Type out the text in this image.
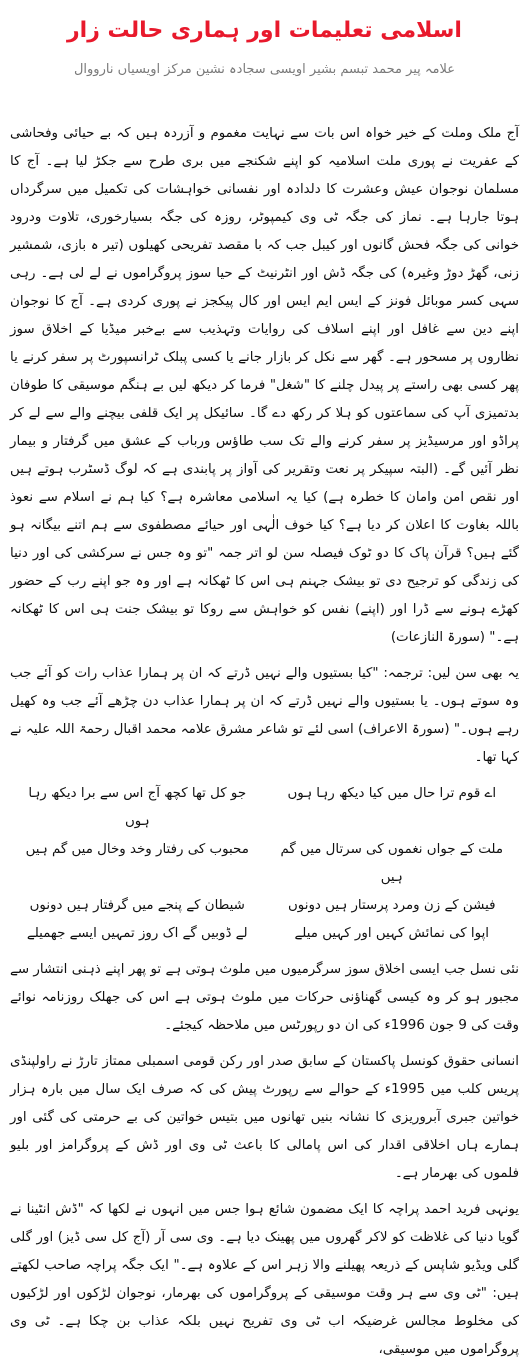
اسلامی تعلیمات اور ہماری حالت زار

علامہ پیر محمد تبسم بشیر اویسی سجادہ نشین مرکز اویسیاں نارووال

آج ملک وملت کے خیر خواہ اس بات سے نہایت مغموم و آزردہ ہیں کہ بے حیائی وفحاشی کے عفریت نے پوری ملت اسلامیہ کو اپنے شکنجے میں بری طرح سے جکڑ لیا ہے۔ آج کا مسلمان نوجوان عیش وعشرت کا دلدادہ اور نفسانی خواہشات کی تکمیل میں سرگرداں ہوتا جارہا ہے۔ نماز کی جگہ ٹی وی کیمپوٹر، روزہ کی جگہ بسیارخوری، تلاوت ودرود خوانی کی جگہ فحش گانوں اور کیبل جب کہ با مقصد تفریحی کھیلوں (تیر ہ بازی، شمشیر زنی، گھڑ دوڑ وغیرہ) کی جگہ ڈش اور انٹرنیٹ کے حیا سوز پروگراموں نے لے لی ہے۔ رہی سہی کسر موبائل فونز کے ایس ایم ایس اور کال پیکجز نے پوری کردی ہے۔ آج کا نوجوان اپنے دین سے غافل اور اپنے اسلاف کی روایات وتہذیب سے بےخبر میڈیا کے اخلاق سوز نظاروں پر مسحور ہے۔ گھر سے نکل کر بازار جانے یا کسی پبلک ٹرانسپورٹ پر سفر کرنے یا پھر کسی بھی راستے پر پیدل چلنے کا "شغل" فرما کر دیکھ لیں بے ہنگم موسیقی کا طوفان بدتمیزی آپ کی سماعتوں کو ہلا کر رکھ دے گا۔ سائیکل پر ایک قلفی بیچنے والے سے لے کر پراڈو اور مرسیڈیز پر سفر کرنے والے تک سب طاؤس ورباب کے عشق میں گرفتار و بیمار نظر آئیں گے۔ (البتہ سپیکر پر نعت وتقریر کی آواز پر پابندی ہے کہ لوگ ڈسٹرب ہوتے ہیں اور نقص امن وامان کا خطرہ ہے) کیا یہ اسلامی معاشرہ ہے؟ کیا ہم نے اسلام سے نعوذ باللہ بغاوت کا اعلان کر دیا ہے؟ کیا خوف الٰہی اور حیائے مصطفوی سے ہم اتنے بیگانہ ہو گئے ہیں؟ قرآن پاک کا دو ٹوک فیصلہ سن لو اتر جمہ "تو وہ جس نے سرکشی کی اور دنیا کی زندگی کو ترجیح دی تو بیشک جہنم ہی اس کا ٹھکانہ ہے اور وہ جو اپنے رب کے حضور کھڑے ہونے سے ڈرا اور (اپنے) نفس کو خواہش سے روکا تو بیشک جنت ہی اس کا ٹھکانہ ہے۔" (سورۃ النازعات)

یہ بھی سن لیں: ترجمہ: "کیا بستیوں والے نہیں ڈرتے کہ ان پر ہمارا عذاب رات کو آئے جب وہ سوتے ہوں۔ یا بستیوں والے نہیں ڈرتے کہ ان پر ہمارا عذاب دن چڑھے آئے جب وہ کھیل رہے ہوں۔" (سورۃ الاعراف) اسی لئے تو شاعر مشرق علامہ محمد اقبال رحمۃ اللہ علیہ نے کہا تھا۔

اے قوم ترا حال میں کیا دیکھ رہا ہوں
جو کل تھا کچھ آج اس سے برا دیکھ رہا ہوں
ملت کے جواں نغموں کی سرتال میں گم ہیں
محبوب کی رفتار وخد وخال میں گم ہیں
فیشن کے زن ومرد پرستار ہیں دونوں
شیطان کے پنجے میں گرفتار ہیں دونوں
اپوا کی نمائش کہیں اور کہیں میلے
لے ڈوبیں گے اک روز تمہیں ایسے جھمیلے

نئی نسل جب ایسی اخلاق سوز سرگرمیوں میں ملوث ہوتی ہے تو پھر اپنے ذہنی انتشار سے مجبور ہو کر وہ کیسی گھناؤنی حرکات میں ملوث ہوتی ہے اس کی جھلک روزنامہ نوائے وقت کی 9 جون 1996ء کی ان دو رپورٹس میں ملاحظہ کیجئے۔

انسانی حقوق کونسل پاکستان کے سابق صدر اور رکن قومی اسمبلی ممتاز تارڑ نے راولپنڈی پریس کلب میں 1995ء کے حوالے سے رپورٹ پیش کی کہ صرف ایک سال میں بارہ ہزار خواتین جبری آبروریزی کا نشانہ بنیں تھانوں میں بتیس خواتین کی بے حرمتی کی گئی اور ہمارے ہاں اخلاقی اقدار کی اس پامالی کا باعث ٹی وی اور ڈش کے پروگرامز اور بلیو فلموں کی بھرمار ہے۔

یونہی فرید احمد پراچہ کا ایک مضمون شائع ہوا جس میں انہوں نے لکھا کہ "ڈش انٹینا نے گویا دنیا کی غلاظت کو لاکر گھروں میں پھینک دیا ہے۔ وی سی آر (آج کل سی ڈیز) اور گلی گلی ویڈیو شاپس کے ذریعہ پھیلنے والا زہر اس کے علاوہ ہے۔" ایک جگہ پراچہ صاحب لکھتے ہیں: "ٹی وی سے ہر وقت موسیقی کے پروگراموں کی بھرمار، نوجوان لڑکوں اور لڑکیوں کی مخلوط مجالس غرضیکہ اب ٹی وی تفریح نہیں بلکہ عذاب بن چکا ہے۔ ٹی وی پروگراموں میں موسیقی،
